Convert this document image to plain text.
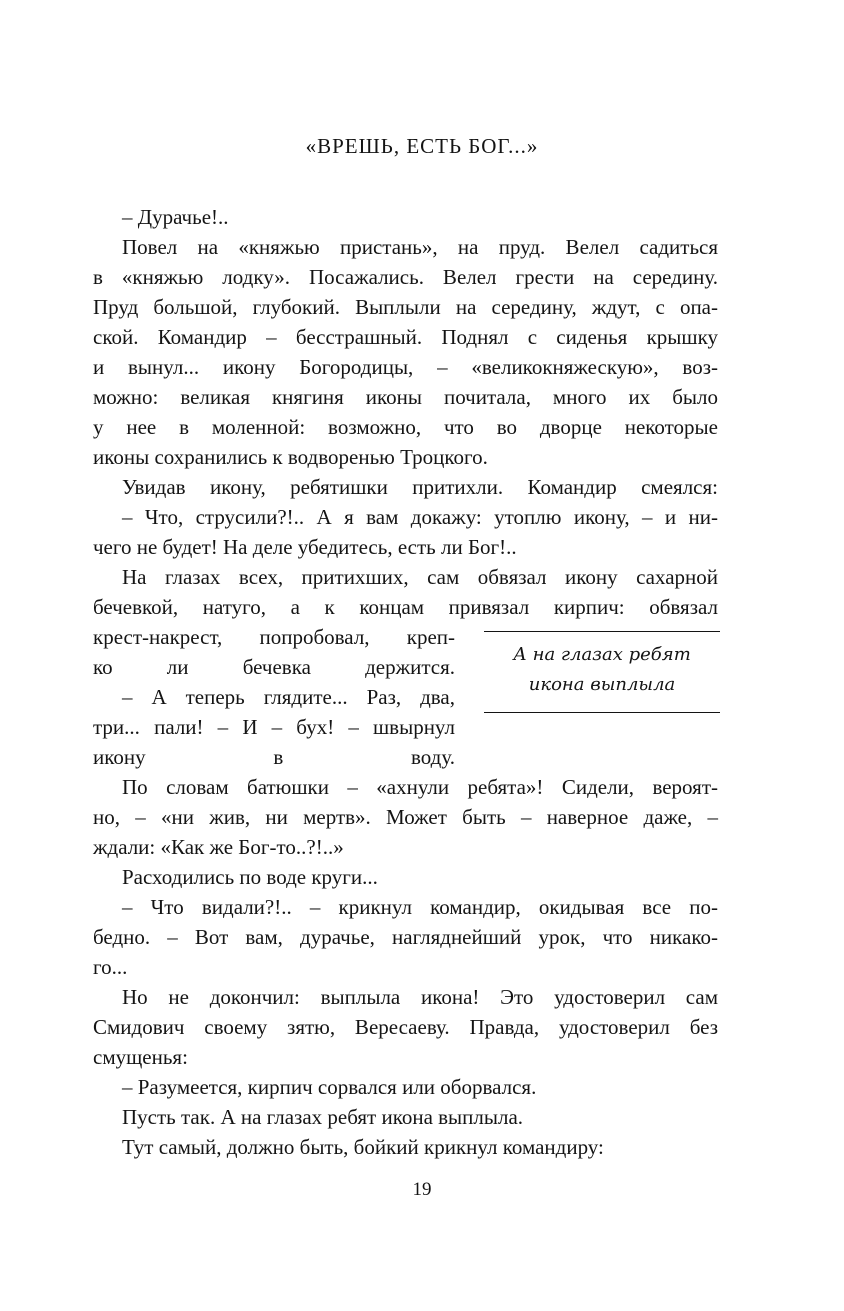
«ВРЕШЬ, ЕСТЬ БОГ...»
– Дурачье!..
Повел на «княжью пристань», на пруд. Велел садиться
в «княжью лодку». Посажались. Велел грести на середину.
Пруд большой, глубокий. Выплыли на середину, ждут, с опа-
ской. Командир – бесстрашный. Поднял с сиденья крышку
и вынул... икону Богородицы, – «великокняжескую», воз-
можно: великая княгиня иконы почитала, много их было
у нее в моленной: возможно, что во дворце некоторые
иконы сохранились к водворенью Троцкого.
Увидав икону, ребятишки притихли. Командир смеялся:
– Что, струсили?!.. А я вам докажу: утоплю икону, – и ни-
чего не будет! На деле убедитесь, есть ли Бог!..
На глазах всех, притихших, сам обвязал икону сахарной
бечевкой, натуго, а к концам привязал кирпич: обвязал
крест-накрест, попробовал, креп-
ко ли бечевка держится.
– А теперь глядите... Раз, два,
три... пали! – И – бух! – швырнул
икону в воду.
По словам батюшки – «ахнули ребята»! Сидели, вероят-
но, – «ни жив, ни мертв». Может быть – наверное даже, –
ждали: «Как же Бог-то..?!..»
Расходились по воде круги...
– Что видали?!.. – крикнул командир, окидывая все по-
бедно. – Вот вам, дурачье, нагляднейший урок, что никако-
го...
Но не докончил: выплыла икона! Это удостоверил сам
Смидович своему зятю, Вересаеву. Правда, удостоверил без
смущенья:
– Разумеется, кирпич сорвался или оборвался.
Пусть так. А на глазах ребят икона выплыла.
Тут самый, должно быть, бойкий крикнул командиру:
А на глазах ребят
икона выплыла
19
